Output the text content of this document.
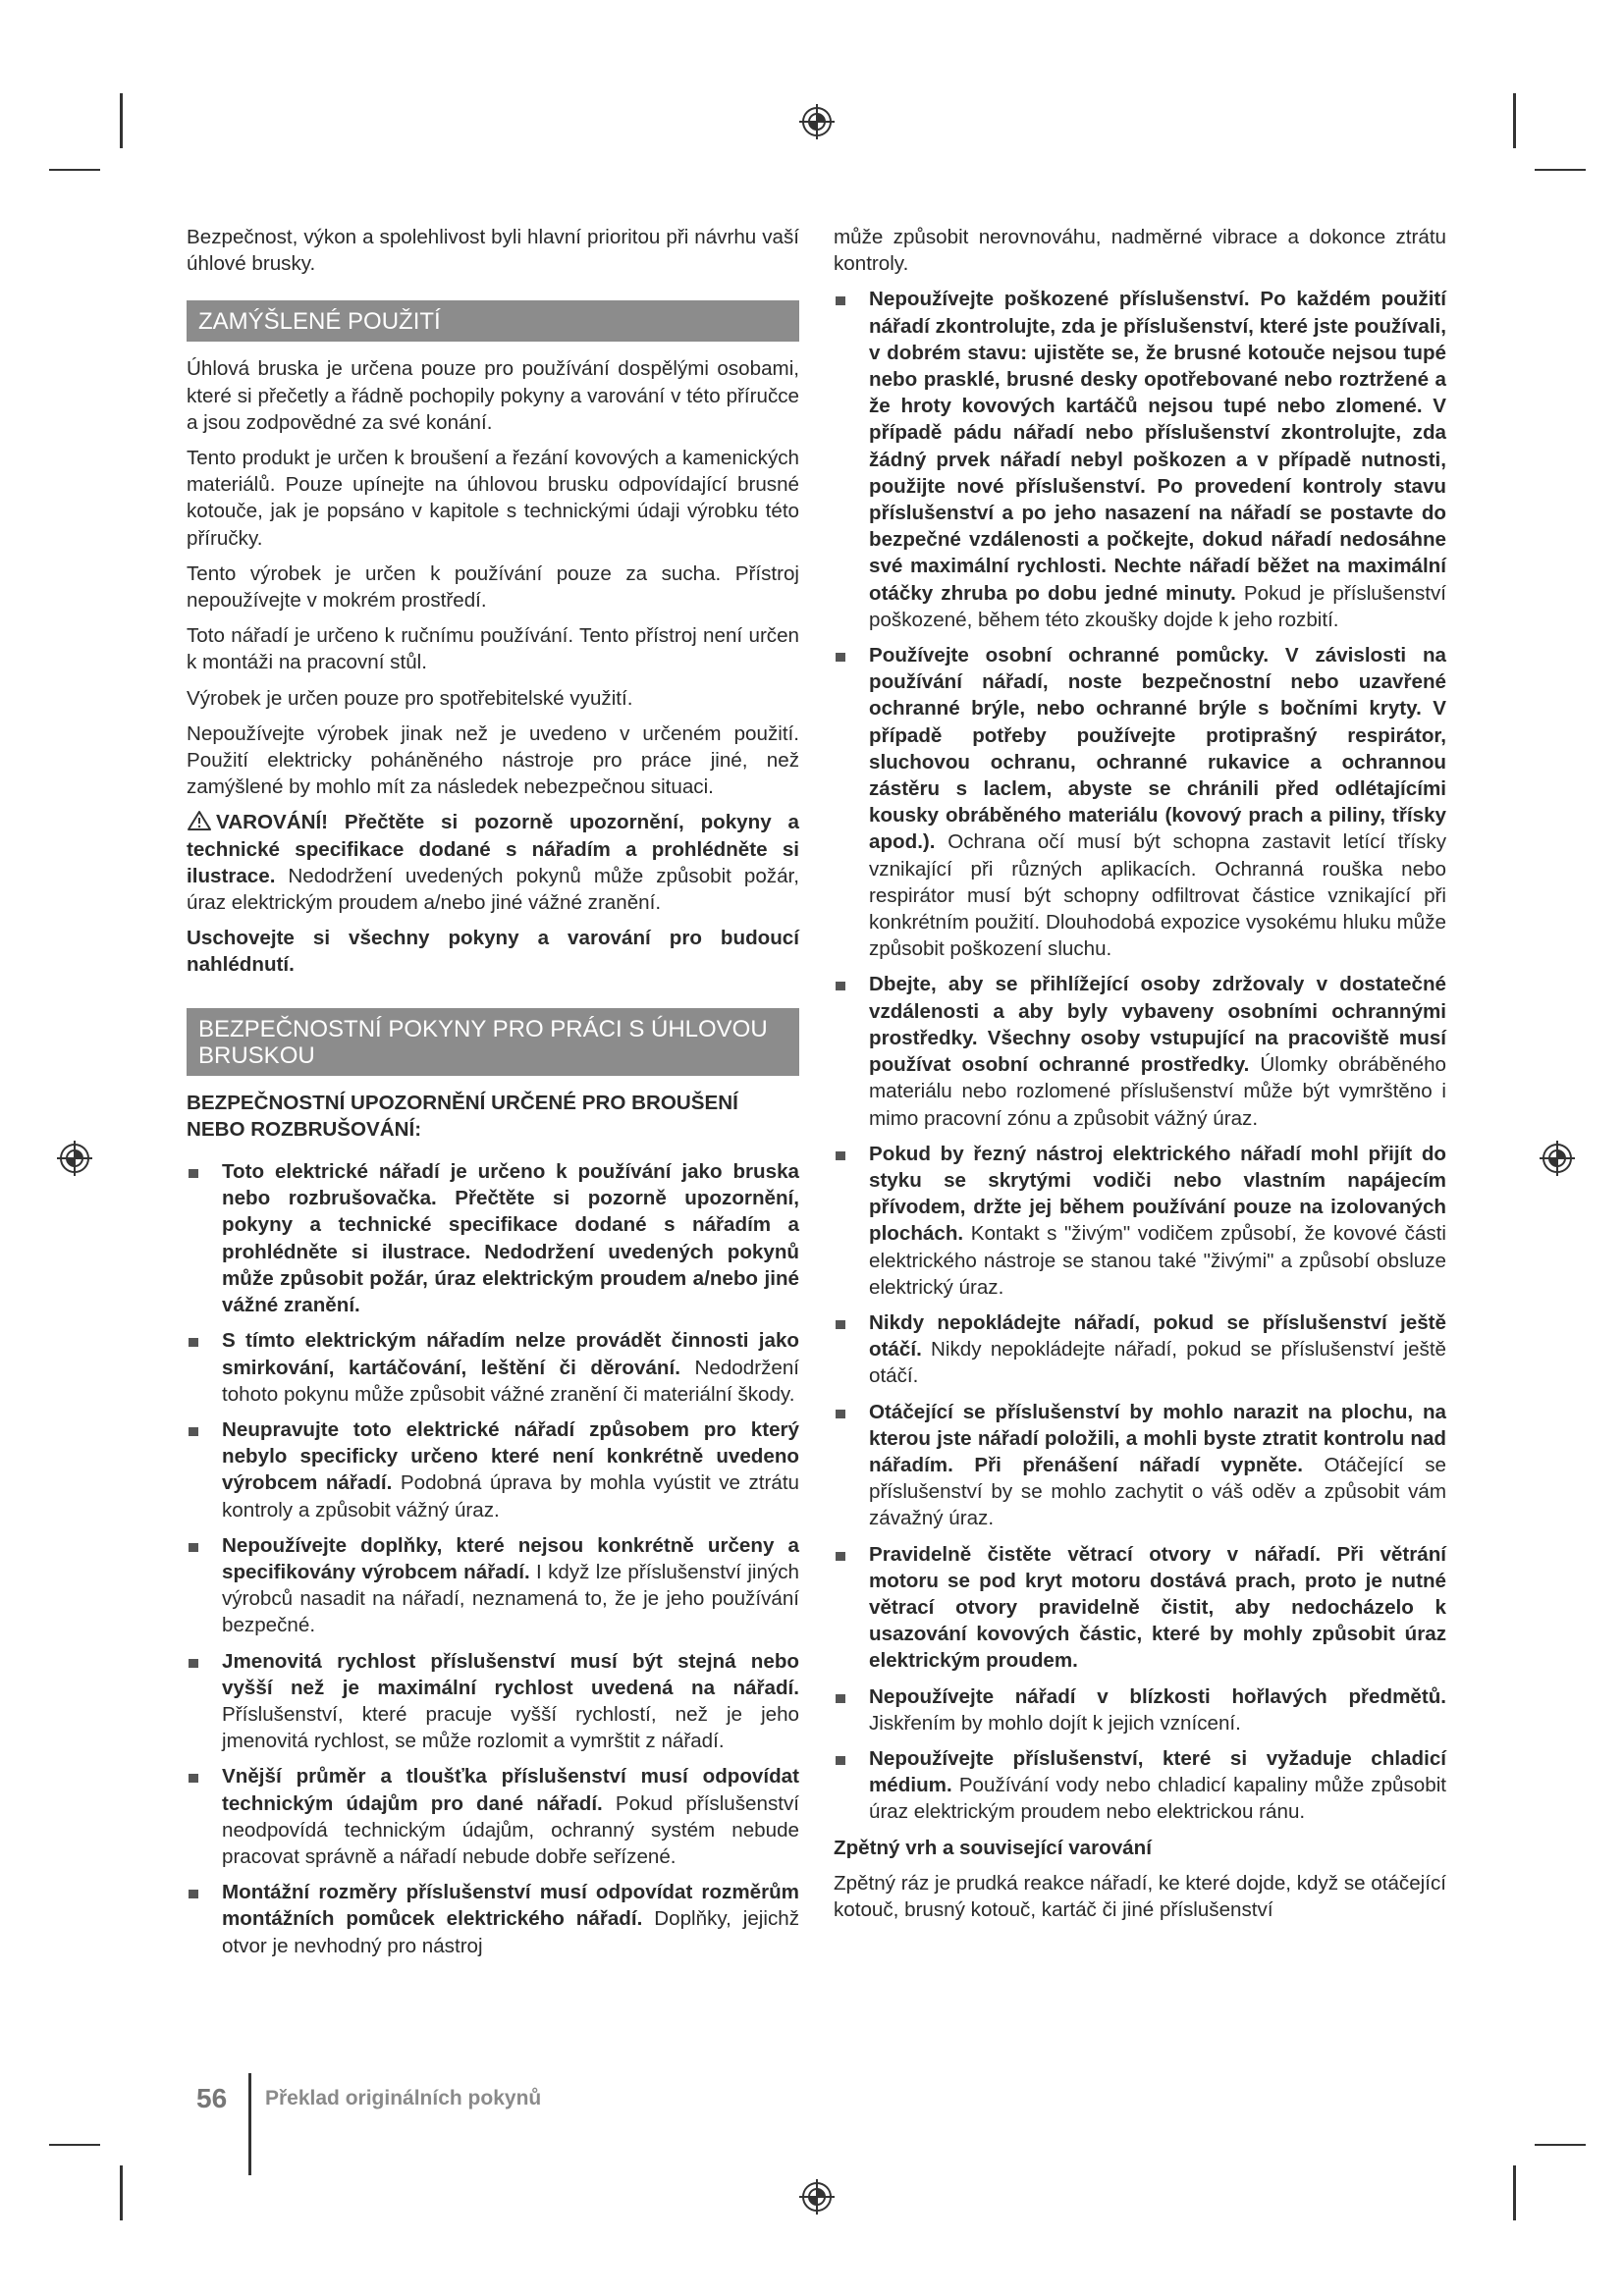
Bezpečnost, výkon a spolehlivost byli hlavní prioritou při návrhu vaší úhlové brusky.

ZAMÝŠLENÉ POUŽITÍ

Úhlová bruska je určena pouze pro používání dospělými osobami, které si přečetly a řádně pochopily pokyny a varování v této příručce a jsou zodpovědné za své konání.

Tento produkt je určen k broušení a řezání kovových a kamenických materiálů. Pouze upínejte na úhlovou brusku odpovídající brusné kotouče, jak je popsáno v kapitole s technickými údaji výrobku této příručky.

Tento výrobek je určen k používání pouze za sucha. Přístroj nepoužívejte v mokrém prostředí.

Toto nářadí je určeno k ručnímu používání. Tento přístroj není určen k montáži na pracovní stůl.

Výrobek je určen pouze pro spotřebitelské využití.

Nepoužívejte výrobek jinak než je uvedeno v určeném použití. Použití elektricky poháněného nástroje pro práce jiné, než zamýšlené by mohlo mít za následek nebezpečnou situaci.

VAROVÁNÍ! Přečtěte si pozorně upozornění, pokyny a technické specifikace dodané s nářadím a prohlédněte si ilustrace. Nedodržení uvedených pokynů může způsobit požár, úraz elektrickým proudem a/nebo jiné vážné zranění.

Uschovejte si všechny pokyny a varování pro budoucí nahlédnutí.

BEZPEČNOSTNÍ POKYNY PRO PRÁCI S ÚHLOVOU BRUSKOU

BEZPEČNOSTNÍ UPOZORNĚNÍ URČENÉ PRO BROUŠENÍ NEBO ROZBRUŠOVÁNÍ:

Toto elektrické nářadí je určeno k používání jako bruska nebo rozbrušovačka. Přečtěte si pozorně upozornění, pokyny a technické specifikace dodané s nářadím a prohlédněte si ilustrace. Nedodržení uvedených pokynů může způsobit požár, úraz elektrickým proudem a/nebo jiné vážné zranění.
S tímto elektrickým nářadím nelze provádět činnosti jako smirkování, kartáčování, leštění či děrování. Nedodržení tohoto pokynu může způsobit vážné zranění či materiální škody.
Neupravujte toto elektrické nářadí způsobem pro který nebylo specificky určeno které není konkrétně uvedeno výrobcem nářadí. Podobná úprava by mohla vyústit ve ztrátu kontroly a způsobit vážný úraz.
Nepoužívejte doplňky, které nejsou konkrétně určeny a specifikovány výrobcem nářadí. I když lze příslušenství jiných výrobců nasadit na nářadí, neznamená to, že je jeho používání bezpečné.
Jmenovitá rychlost příslušenství musí být stejná nebo vyšší než je maximální rychlost uvedená na nářadí. Příslušenství, které pracuje vyšší rychlostí, než je jeho jmenovitá rychlost, se může rozlomit a vymrštit z nářadí.
Vnější průměr a tloušťka příslušenství musí odpovídat technickým údajům pro dané nářadí. Pokud příslušenství neodpovídá technickým údajům, ochranný systém nebude pracovat správně a nářadí nebude dobře seřízené.
Montážní rozměry příslušenství musí odpovídat rozměrům montážních pomůcek elektrického nářadí. Doplňky, jejichž otvor je nevhodný pro nástroj

může způsobit nerovnováhu, nadměrné vibrace a dokonce ztrátu kontroly.

Nepoužívejte poškozené příslušenství. Po každém použití nářadí zkontrolujte, zda je příslušenství, které jste používali, v dobrém stavu: ujistěte se, že brusné kotouče nejsou tupé nebo prasklé, brusné desky opotřebované nebo roztržené a že hroty kovových kartáčů nejsou tupé nebo zlomené. V případě pádu nářadí nebo příslušenství zkontrolujte, zda žádný prvek nářadí nebyl poškozen a v případě nutnosti, použijte nové příslušenství. Po provedení kontroly stavu příslušenství a po jeho nasazení na nářadí se postavte do bezpečné vzdálenosti a počkejte, dokud nářadí nedosáhne své maximální rychlosti. Nechte nářadí běžet na maximální otáčky zhruba po dobu jedné minuty. Pokud je příslušenství poškozené, během této zkoušky dojde k jeho rozbití.
Používejte osobní ochranné pomůcky. V závislosti na používání nářadí, noste bezpečnostní nebo uzavřené ochranné brýle, nebo ochranné brýle s bočními kryty. V případě potřeby používejte protiprašný respirátor, sluchovou ochranu, ochranné rukavice a ochrannou zástěru s laclem, abyste se chránili před odlétajícími kousky obráběného materiálu (kovový prach a piliny, třísky apod.). Ochrana očí musí být schopna zastavit letící třísky vznikající při různých aplikacích. Ochranná rouška nebo respirátor musí být schopny odfiltrovat částice vznikající při konkrétním použití. Dlouhodobá expozice vysokému hluku může způsobit poškození sluchu.
Dbejte, aby se přihlížející osoby zdržovaly v dostatečné vzdálenosti a aby byly vybaveny osobními ochrannými prostředky. Všechny osoby vstupující na pracoviště musí používat osobní ochranné prostředky. Úlomky obráběného materiálu nebo rozlomené příslušenství může být vymrštěno i mimo pracovní zónu a způsobit vážný úraz.
Pokud by řezný nástroj elektrického nářadí mohl přijít do styku se skrytými vodiči nebo vlastním napájecím přívodem, držte jej během používání pouze na izolovaných plochách. Kontakt s "živým" vodičem způsobí, že kovové části elektrického nástroje se stanou také "živými" a způsobí obsluze elektrický úraz.
Nikdy nepokládejte nářadí, pokud se příslušenství ještě otáčí. Nikdy nepokládejte nářadí, pokud se příslušenství ještě otáčí.
Otáčející se příslušenství by mohlo narazit na plochu, na kterou jste nářadí položili, a mohli byste ztratit kontrolu nad nářadím. Při přenášení nářadí vypněte. Otáčející se příslušenství by se mohlo zachytit o váš oděv a způsobit vám závažný úraz.
Pravidelně čistěte větrací otvory v nářadí. Při větrání motoru se pod kryt motoru dostává prach, proto je nutné větrací otvory pravidelně čistit, aby nedocházelo k usazování kovových částic, které by mohly způsobit úraz elektrickým proudem.
Nepoužívejte nářadí v blízkosti hořlavých předmětů. Jiskřením by mohlo dojít k jejich vznícení.
Nepoužívejte příslušenství, které si vyžaduje chladicí médium. Používání vody nebo chladicí kapaliny může způsobit úraz elektrickým proudem nebo elektrickou ránu.

Zpětný vrh a související varování

Zpětný ráz je prudká reakce nářadí, ke které dojde, když se otáčející kotouč, brusný kotouč, kartáč či jiné příslušenství

56 Překlad originálních pokynů
